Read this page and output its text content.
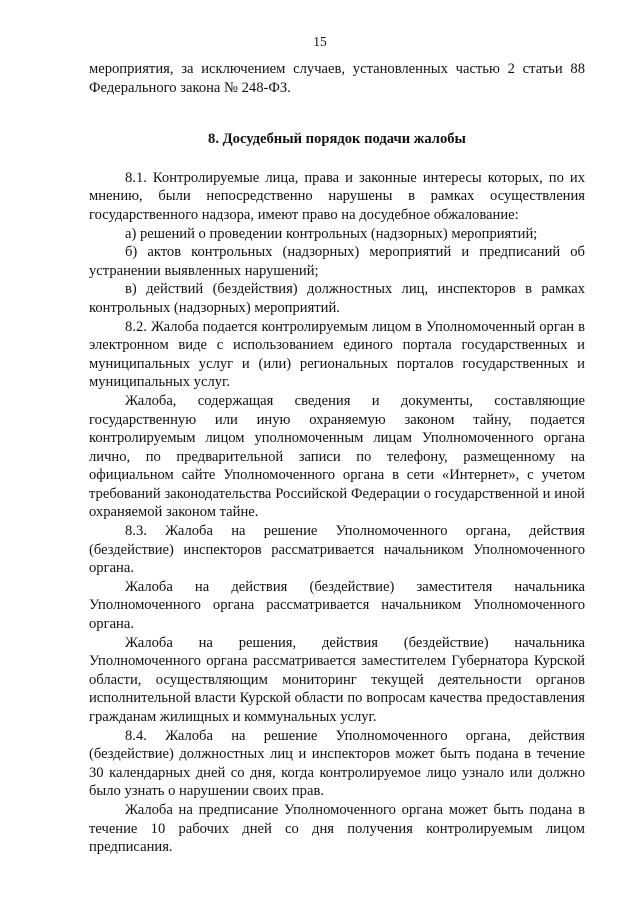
15

мероприятия, за исключением случаев, установленных частью 2 статьи 88 Федерального закона № 248-ФЗ.

8. Досудебный порядок подачи жалобы

8.1. Контролируемые лица, права и законные интересы которых, по их мнению, были непосредственно нарушены в рамках осуществления государственного надзора, имеют право на досудебное обжалование:

а) решений о проведении контрольных (надзорных) мероприятий;

б) актов контрольных (надзорных) мероприятий и предписаний об устранении выявленных нарушений;

в) действий (бездействия) должностных лиц, инспекторов в рамках контрольных (надзорных) мероприятий.

8.2. Жалоба подается контролируемым лицом в Уполномоченный орган в электронном виде с использованием единого портала государственных и муниципальных услуг и (или) региональных порталов государственных и муниципальных услуг.

Жалоба, содержащая сведения и документы, составляющие государственную или иную охраняемую законом тайну, подается контролируемым лицом уполномоченным лицам Уполномоченного органа лично, по предварительной записи по телефону, размещенному на официальном сайте Уполномоченного органа в сети «Интернет», с учетом требований законодательства Российской Федерации о государственной и иной охраняемой законом тайне.

8.3. Жалоба на решение Уполномоченного органа, действия (бездействие) инспекторов рассматривается начальником Уполномоченного органа.

Жалоба на действия (бездействие) заместителя начальника Уполномоченного органа рассматривается начальником Уполномоченного органа.

Жалоба на решения, действия (бездействие) начальника Уполномоченного органа рассматривается заместителем Губернатора Курской области, осуществляющим мониторинг текущей деятельности органов исполнительной власти Курской области по вопросам качества предоставления гражданам жилищных и коммунальных услуг.

8.4. Жалоба на решение Уполномоченного органа, действия (бездействие) должностных лиц и инспекторов может быть подана в течение 30 календарных дней со дня, когда контролируемое лицо узнало или должно было узнать о нарушении своих прав.

Жалоба на предписание Уполномоченного органа может быть подана в течение 10 рабочих дней со дня получения контролируемым лицом предписания.
